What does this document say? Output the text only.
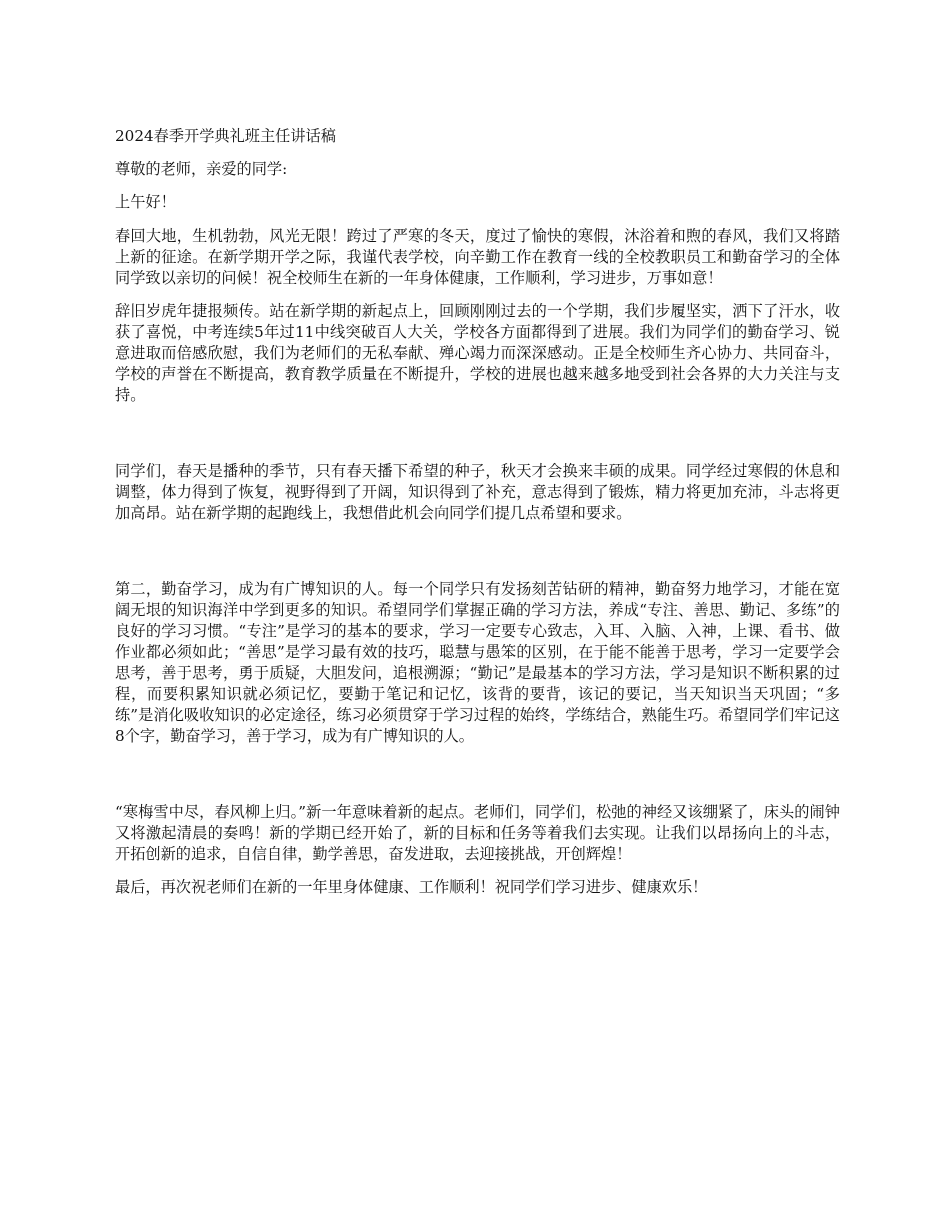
2024春季开学典礼班主任讲话稿

尊敬的老师，亲爱的同学:

上午好！

春回大地，生机勃勃，风光无限！跨过了严寒的冬天，度过了愉快的寒假，沐浴着和煦的春风，我们又将踏上新的征途。在新学期开学之际，我谨代表学校，向辛勤工作在教育一线的全校教职员工和勤奋学习的全体同学致以亲切的问候！祝全校师生在新的一年身体健康，工作顺利，学习进步，万事如意！

辞旧岁虎年捷报频传。站在新学期的新起点上，回顾刚刚过去的一个学期，我们步履坚实，洒下了汗水，收获了喜悦，中考连续5年过11中线突破百人大关，学校各方面都得到了进展。我们为同学们的勤奋学习、锐意进取而倍感欣慰，我们为老师们的无私奉献、殚心竭力而深深感动。正是全校师生齐心协力、共同奋斗，学校的声誉在不断提高，教育教学质量在不断提升，学校的进展也越来越多地受到社会各界的大力关注与支持。

同学们，春天是播种的季节，只有春天播下希望的种子，秋天才会换来丰硕的成果。同学经过寒假的休息和调整，体力得到了恢复，视野得到了开阔，知识得到了补充，意志得到了锻炼，精力将更加充沛，斗志将更加高昂。站在新学期的起跑线上，我想借此机会向同学们提几点希望和要求。

第二，勤奋学习，成为有广博知识的人。每一个同学只有发扬刻苦钻研的精神，勤奋努力地学习，才能在宽阔无垠的知识海洋中学到更多的知识。希望同学们掌握正确的学习方法，养成“专注、善思、勤记、多练”的良好的学习习惯。“专注”是学习的基本的要求，学习一定要专心致志，入耳、入脑、入神，上课、看书、做作业都必须如此；“善思”是学习最有效的技巧，聪慧与愚笨的区别，在于能不能善于思考，学习一定要学会思考，善于思考，勇于质疑，大胆发问，追根溯源；“勤记”是最基本的学习方法，学习是知识不断积累的过程，而要积累知识就必须记忆，要勤于笔记和记忆，该背的要背，该记的要记，当天知识当天巩固；“多练”是消化吸收知识的必定途径，练习必须贯穿于学习过程的始终，学练结合，熟能生巧。希望同学们牢记这8个字，勤奋学习，善于学习，成为有广博知识的人。

“寒梅雪中尽，春风柳上归。”新一年意味着新的起点。老师们，同学们，松弛的神经又该绷紧了，床头的闹钟又将激起清晨的奏鸣！新的学期已经开始了，新的目标和任务等着我们去实现。让我们以昂扬向上的斗志，开拓创新的追求，自信自律，勤学善思，奋发进取，去迎接挑战，开创辉煌！

最后，再次祝老师们在新的一年里身体健康、工作顺利！祝同学们学习进步、健康欢乐！
